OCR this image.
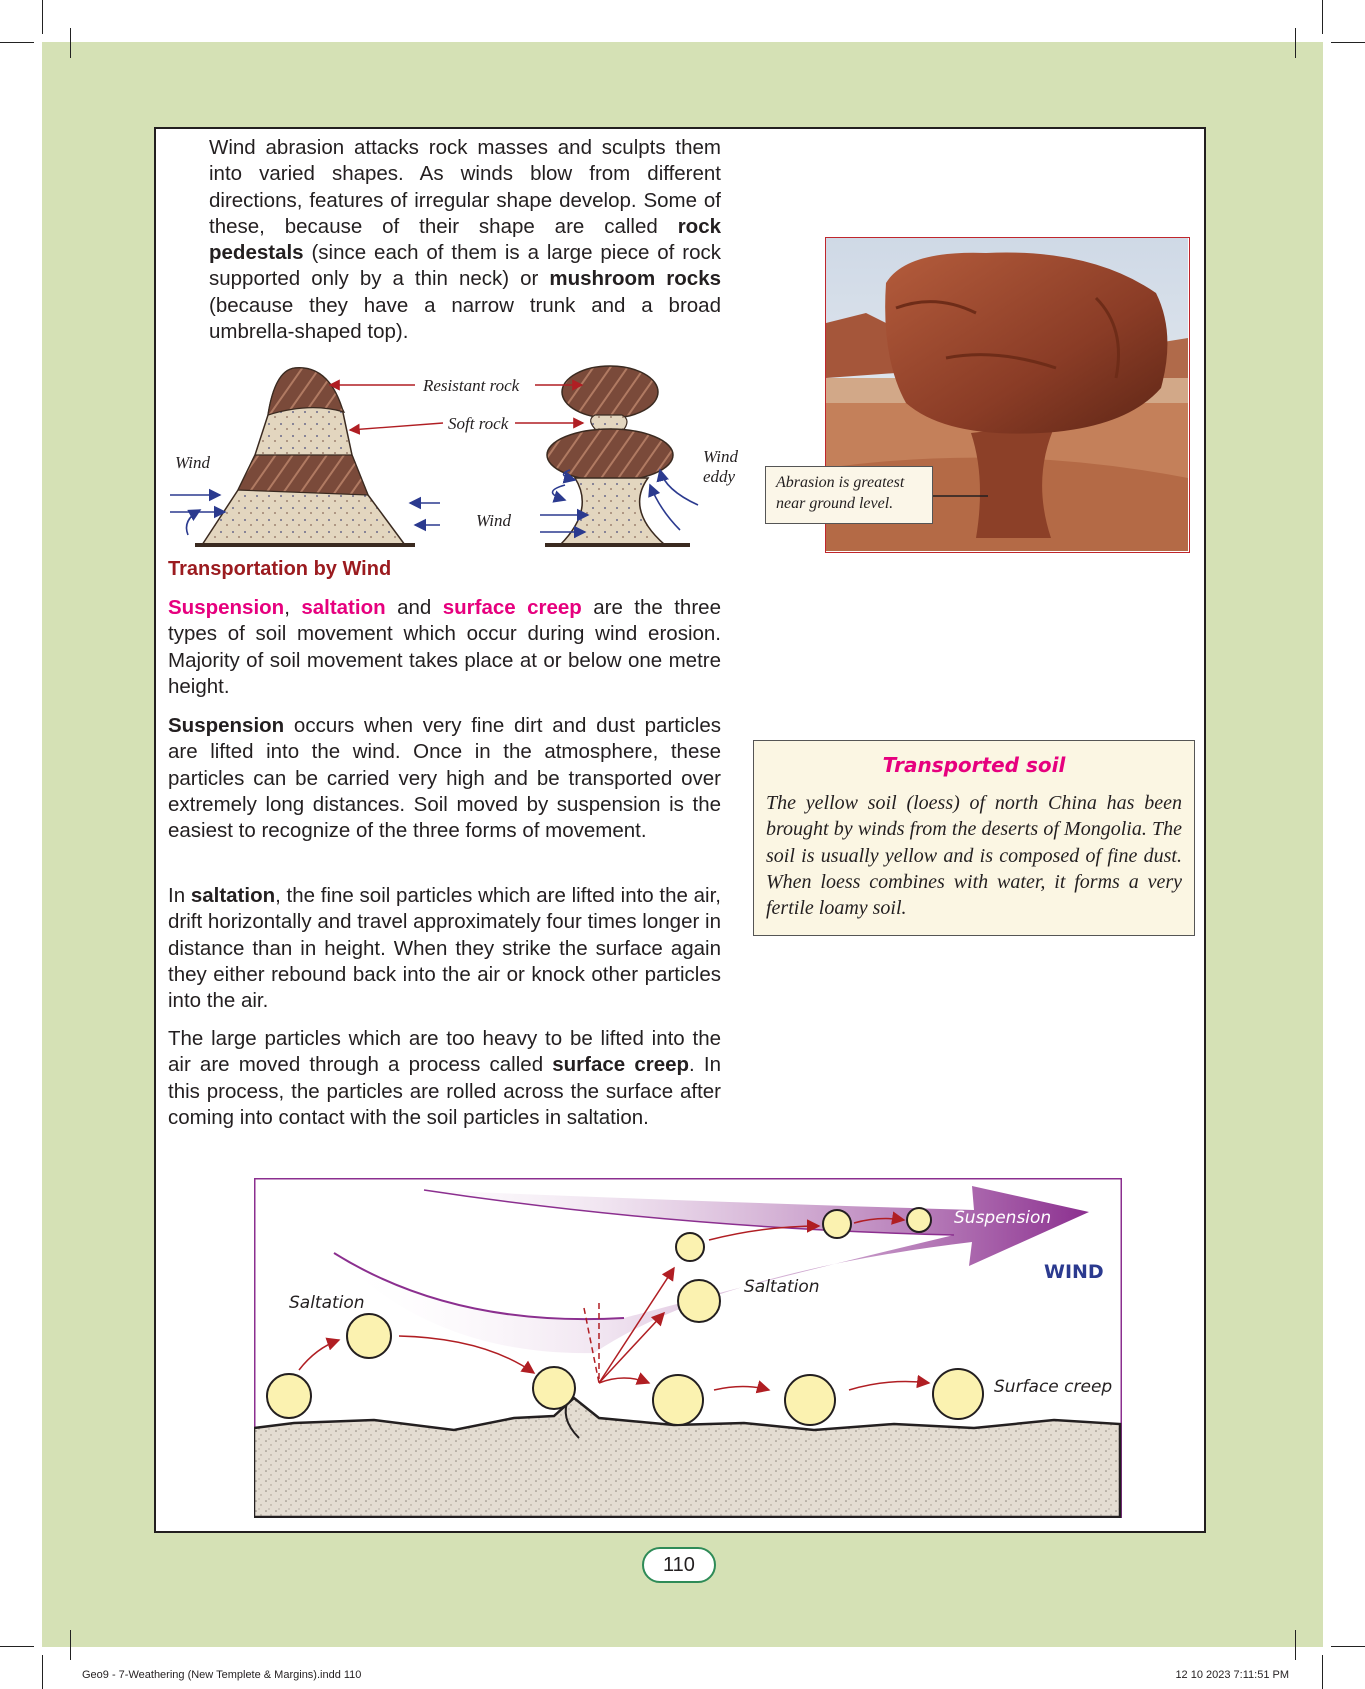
Wind abrasion attacks rock masses and sculpts them into varied shapes. As winds blow from different directions, features of irregular shape develop. Some of these, because of their shape are called rock pedestals (since each of them is a large piece of rock supported only by a thin neck) or mushroom rocks (because they have a narrow trunk and a broad umbrella-shaped top).

Resistant rock
Soft rock
Wind
Wind
Wind
eddy	Abrasion is greatest
near ground level.

Transportation by Wind

Suspension, saltation and surface creep are the three types of soil movement which occur during wind erosion. Majority of soil movement takes place at or below one metre height.

Suspension occurs when very fine dirt and dust particles are lifted into the wind. Once in the atmosphere, these particles can be carried very high and be transported over extremely long distances. Soil moved by suspension is the easiest to recognize of the three forms of movement.

In saltation, the fine soil particles which are lifted into the air, drift horizontally and travel approximately four times longer in distance than in height. When they strike the surface again they either rebound back into the air or knock other particles into the air.

The large particles which are too heavy to be lifted into the air are moved through a process called surface creep. In this process, the particles are rolled across the surface after coming into contact with the soil particles in saltation.

Transported soil

The yellow soil (loess) of north China has been brought by winds from the deserts of Mongolia. The soil is usually yellow and is composed of fine dust. When loess combines with water, it forms a very fertile loamy soil.

Suspension
WIND
Saltation
Saltation
Surface creep
110

Geo9 - 7-Weathering (New Templete & Margins).indd 110	12 10 2023 7:11:51 PM
